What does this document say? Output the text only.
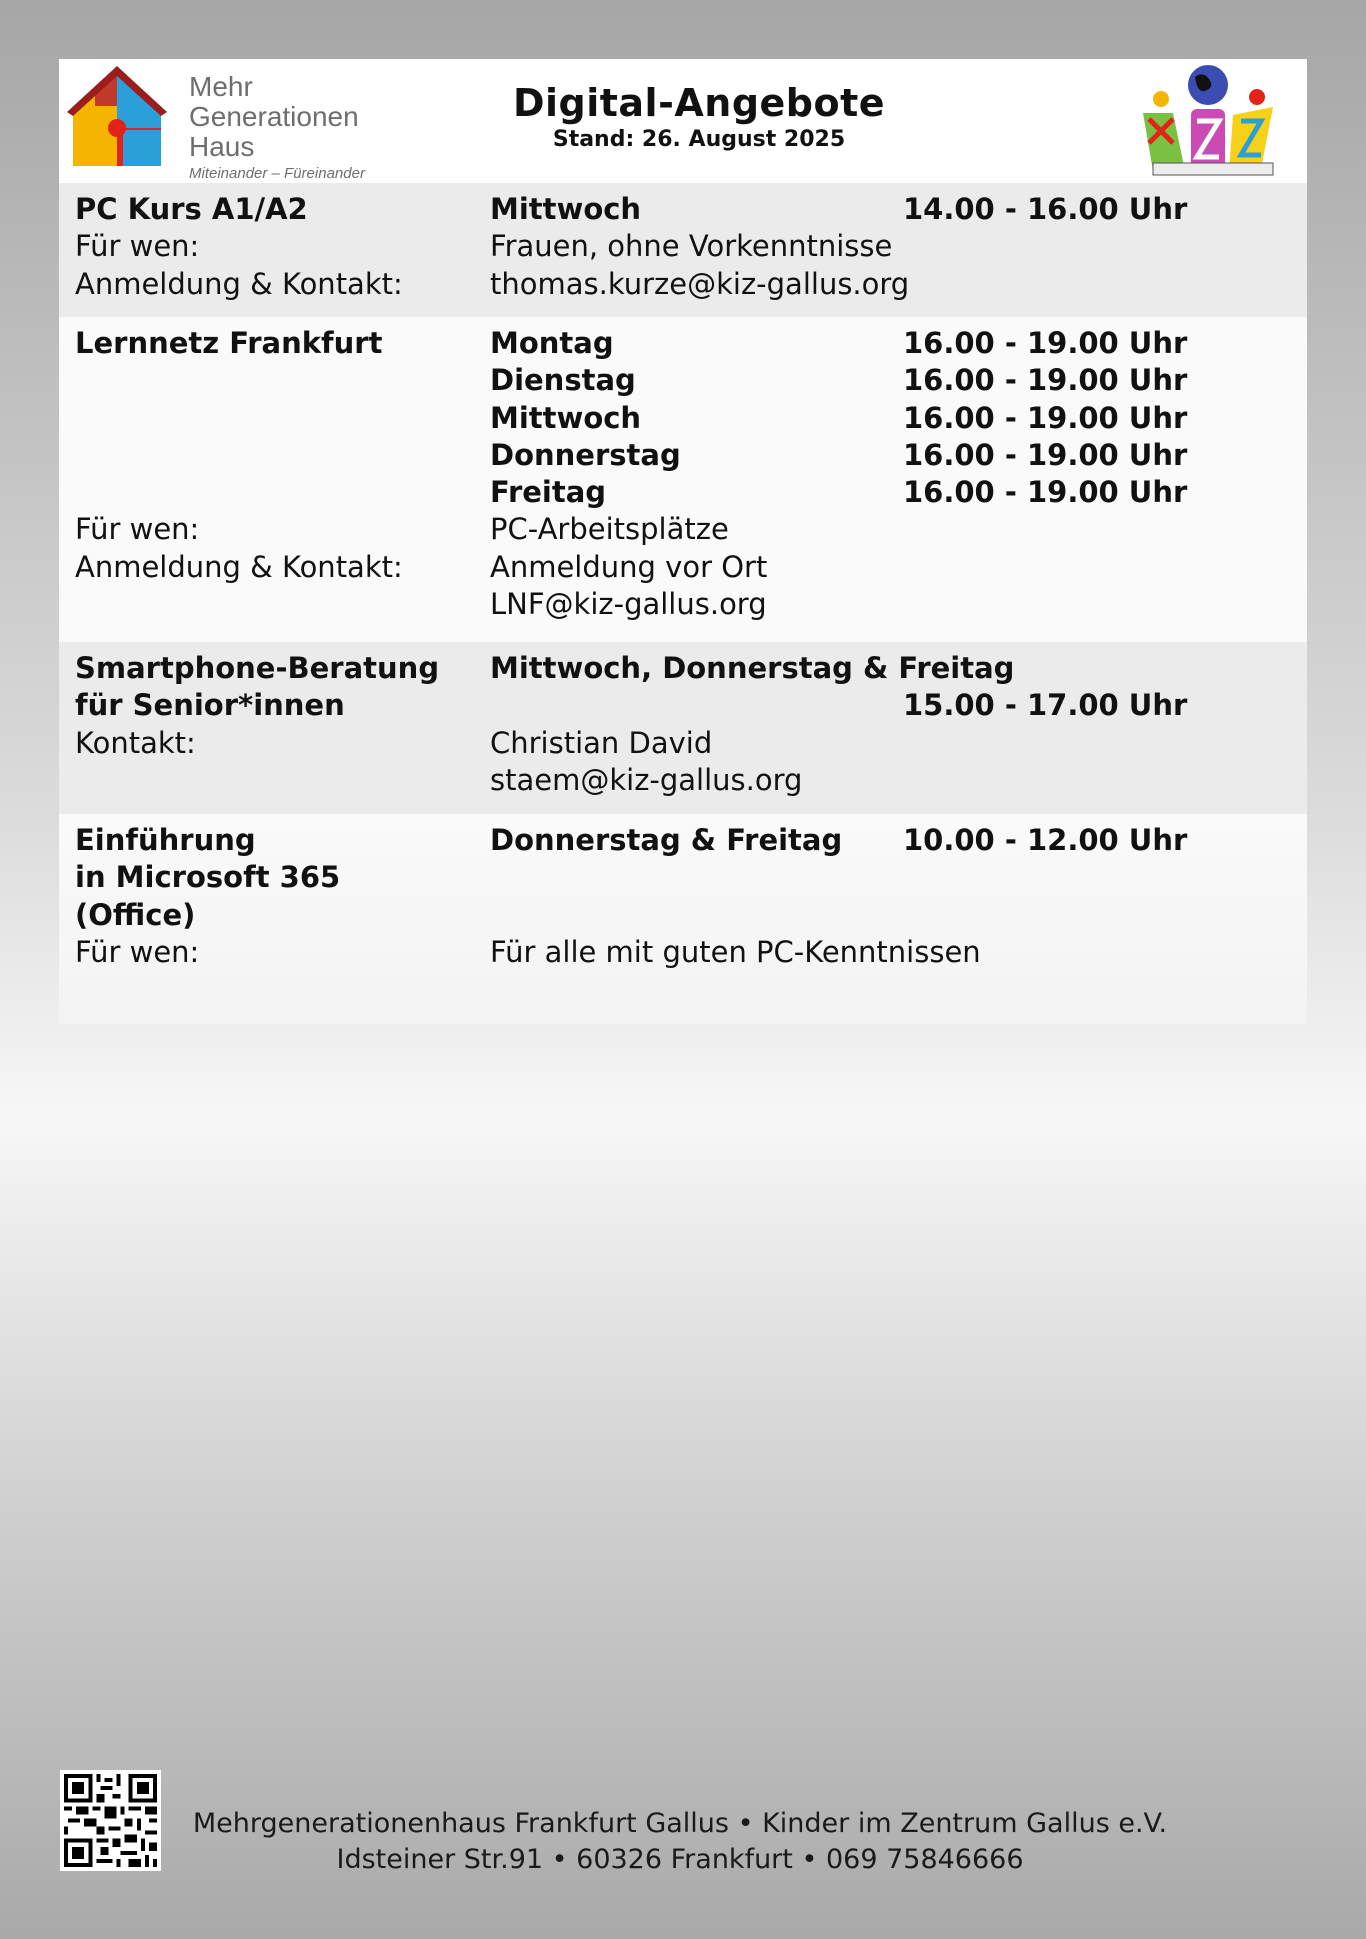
Mehr
Generationen
Haus
Miteinander – Füreinander
Digital-Angebote
Stand: 26. August 2025
PC Kurs A1/A2
Für wen:
Anmeldung & Kontakt:
Mittwoch
Frauen, ohne Vorkenntnisse
thomas.kurze@kiz-gallus.org
14.00 - 16.00 Uhr
Lernnetz Frankfurt
Für wen:
Anmeldung & Kontakt:
Montag
Dienstag
Mittwoch
Donnerstag
Freitag
PC-Arbeitsplätze
Anmeldung vor Ort
LNF@kiz-gallus.org
16.00 - 19.00 Uhr
16.00 - 19.00 Uhr
16.00 - 19.00 Uhr
16.00 - 19.00 Uhr
16.00 - 19.00 Uhr
Smartphone-Beratung
für Senior*innen
Kontakt:
Mittwoch, Donnerstag & Freitag
Christian David
staem@kiz-gallus.org
15.00 - 17.00 Uhr
Einführung
in Microsoft 365
(Office)
Für wen:
Donnerstag & Freitag
Für alle mit guten PC-Kenntnissen
10.00 - 12.00 Uhr
Mehrgenerationenhaus Frankfurt Gallus • Kinder im Zentrum Gallus e.V.
Idsteiner Str.91 • 60326 Frankfurt • 069 75846666
